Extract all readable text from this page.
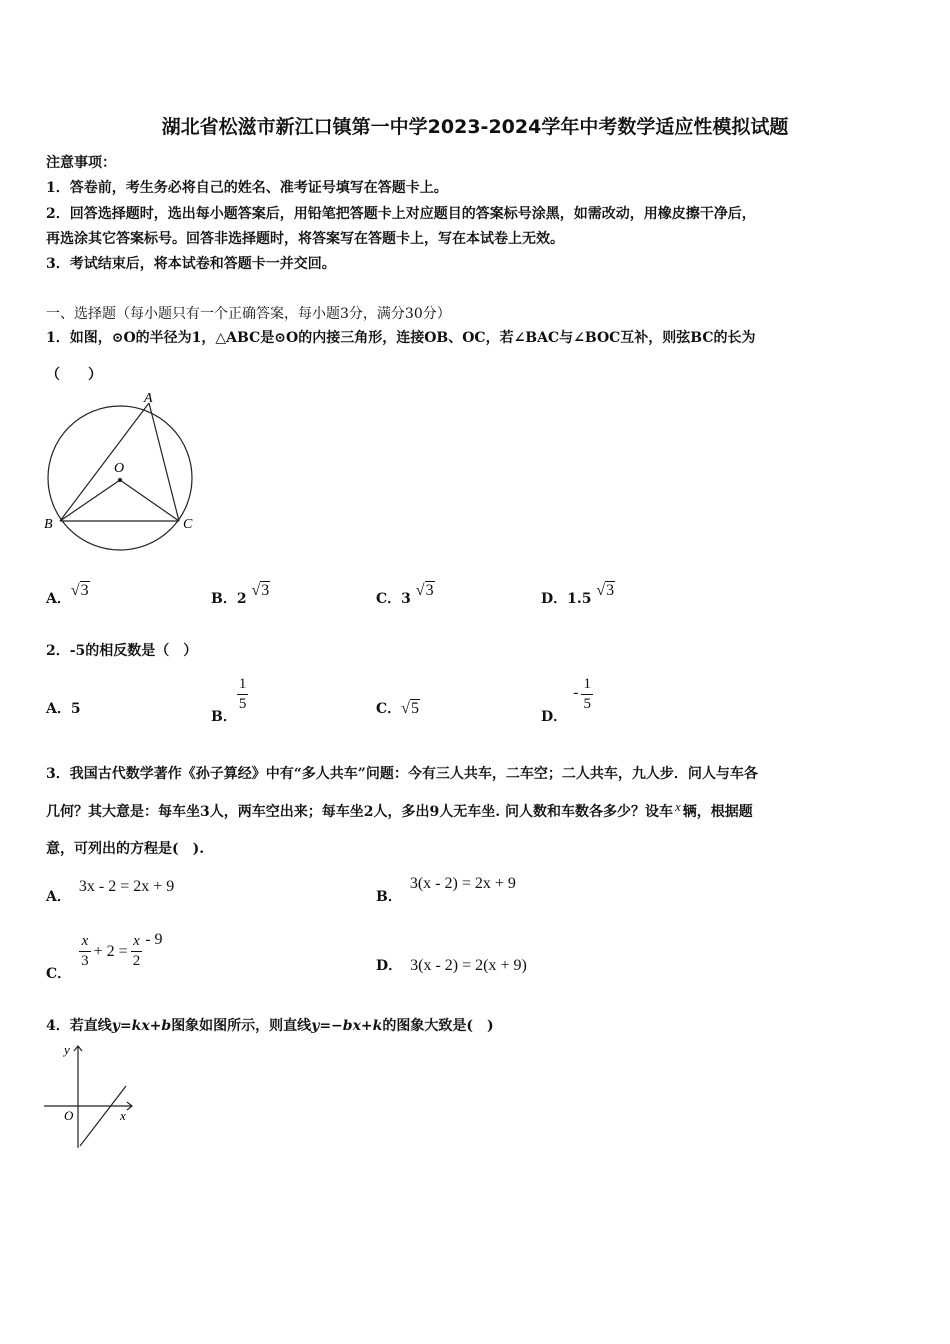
湖北省松滋市新江口镇第一中学2023-2024学年中考数学适应性模拟试题
注意事项：
1．答卷前，考生务必将自己的姓名、准考证号填写在答题卡上。
2．回答选择题时，选出每小题答案后，用铅笔把答题卡上对应题目的答案标号涂黑，如需改动，用橡皮擦干净后，
再选涂其它答案标号。回答非选择题时，将答案写在答题卡上，写在本试卷上无效。
3．考试结束后，将本试卷和答题卡一并交回。
一、选择题（每小题只有一个正确答案，每小题3分，满分30分）
1．如图，⊙O的半径为1，△ABC是⊙O的内接三角形，连接OB、OC，若∠BAC与∠BOC互补，则弦BC的长为
（　　）
A
O
B	C
A．√3	B．2 √3	C．3 √3	D．1.5 √3
2．-5的相反数是（　）
A．5	B．
$\frac{1}{5}$	C．√5	D．- $\frac{1}{5}$
3．我国古代数学著作《孙子算经》中有“多人共车”问题：今有三人共车，二车空；二人共车，九人步．问人与车各
几何？其大意是：每车坐3人，两车空出来；每车坐2人，多出9人无车坐. 问人数和车数各多少？设车 x 辆，根据题
意，可列出的方程是(　).
A．3x - 2 = 2x + 9
B．3(x - 2) = 2x + 9
C．
$\frac{x}{3} + 2 = \frac{x}{2} - 9$
D． 3(x - 2) = 2(x + 9)
4．若直线y=kx+b图象如图所示，则直线y=−bx+k的图象大致是(　)
y
x
O
